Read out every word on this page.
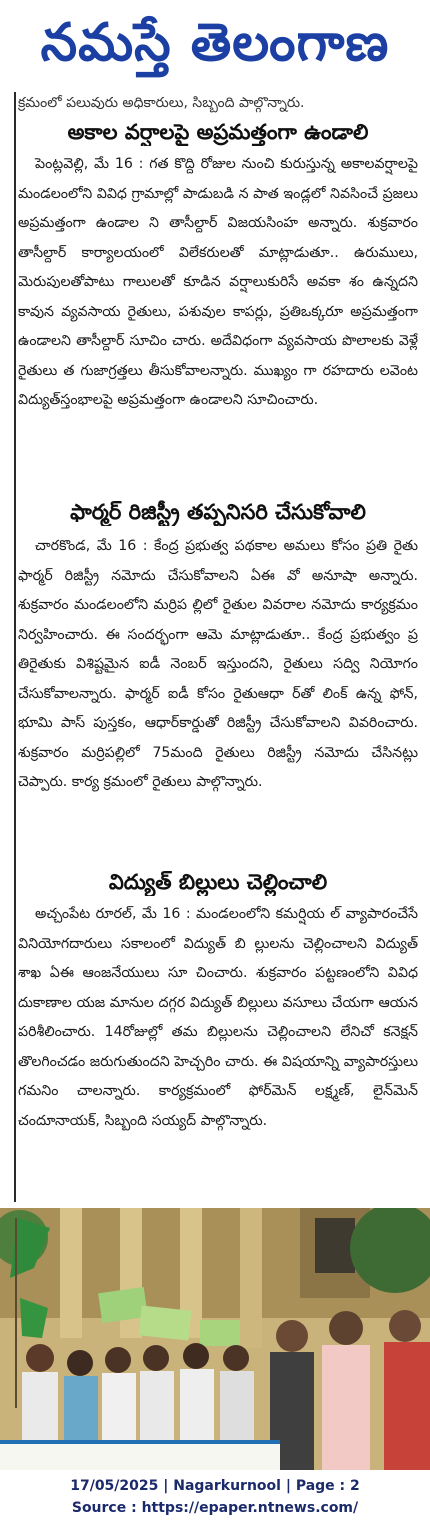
నమస్తే తెలంగాణ
క్రమంలో పలువురు అధికారులు, సిబ్బంది పాల్గొన్నారు.
అకాల వర్షాలపై అప్రమత్తంగా ఉండాలి
పెంట్లవెల్లి, మే 16 : గత కొద్ది రోజుల నుంచి కురుస్తున్న అకాలవర్షాలపై మండలంలోని వివిధ గ్రామాల్లో పాడుబడి న పాత ఇండ్లలో నివసించే ప్రజలు అప్రమత్తంగా ఉండాల ని తాసీల్దార్ విజయసింహ అన్నారు. శుక్రవారం తాసీల్దార్ కార్యాలయంలో విలేకరులతో మాట్లాడుతూ.. ఉరుములు, మెరుపులతోపాటు గాలులతో కూడిన వర్షాలుకురిసే అవకా శం ఉన్నదని కావున వ్యవసాయ రైతులు, పశువుల కాపర్లు, ప్రతిఒక్కరూ అప్రమత్తంగా ఉండాలని తాసీల్దార్ సూచిం చారు. అదేవిధంగా వ్యవసాయ పొలాలకు వెళ్లే రైతులు త గుజాగ్రత్తలు తీసుకోవాలన్నారు. ముఖ్యం గా రహదారు లవెంట విద్యుత్‌స్తంభాలపై అప్రమత్తంగా ఉండాలని సూచించారు.
ఫార్మర్ రిజిస్ట్రీ తప్పనిసరి చేసుకోవాలి
చారకొండ, మే 16 : కేంద్ర ప్రభుత్వ పథకాల అమలు కోసం ప్రతి రైతు ఫార్మర్ రిజిస్ట్రీ నమోదు చేసుకోవాలని ఏఈ వో అనూషా అన్నారు. శుక్రవారం మండలంలోని మర్రిప ల్లిలో రైతుల వివరాల నమోదు కార్యక్రమం నిర్వహించారు. ఈ సందర్భంగా ఆమె మాట్లాడుతూ.. కేంద్ర ప్రభుత్వం ప్ర తిరైతుకు విశిష్టమైన ఐడీ నెంబర్ ఇస్తుందని, రైతులు సద్వి నియోగం చేసుకోవాలన్నారు. ఫార్మర్ ఐడీ కోసం రైతుఆధా ర్‌తో లింక్ ఉన్న ఫోన్, భూమి పాస్ పుస్తకం, ఆధార్‌కార్డుతో రిజిస్ట్రీ చేసుకోవాలని వివరించారు. శుక్రవారం మర్రిపల్లిలో 75మంది రైతులు రిజిస్ట్రీ నమోదు చేసినట్లు చెప్పారు. కార్య క్రమంలో రైతులు పాల్గొన్నారు.
విద్యుత్ బిల్లులు చెల్లించాలి
అచ్చంపేట రూరల్, మే 16 : మండలంలోని కమర్షియ ల్ వ్యాపారంచేసే వినియోగదారులు సకాలంలో విద్యుత్ బి ల్లులను చెల్లించాలని విద్యుత్ శాఖ ఏఈ ఆంజనేయులు సూ చించారు. శుక్రవారం పట్టణంలోని వివిధ దుకాణాల యజ మానుల దగ్గర విద్యుత్ బిల్లులు వసూలు చేయగా ఆయన పరిశీలించారు. 14రోజుల్లో తమ బిల్లులను చెల్లించాలని లేనిచో కనెక్షన్ తొలగించడం జరుగుతుందని హెచ్చరిం చారు. ఈ విషయాన్ని వ్యాపారస్తులు గమనిం చాలన్నారు. కార్యక్రమంలో ఫోర్‌మెన్ లక్ష్మణ్, లైన్‌మెన్ చందూనాయక్, సిబ్బంది సయ్యద్ పాల్గొన్నారు.
17/05/2025 | Nagarkurnool | Page : 2
Source : https://epaper.ntnews.com/
